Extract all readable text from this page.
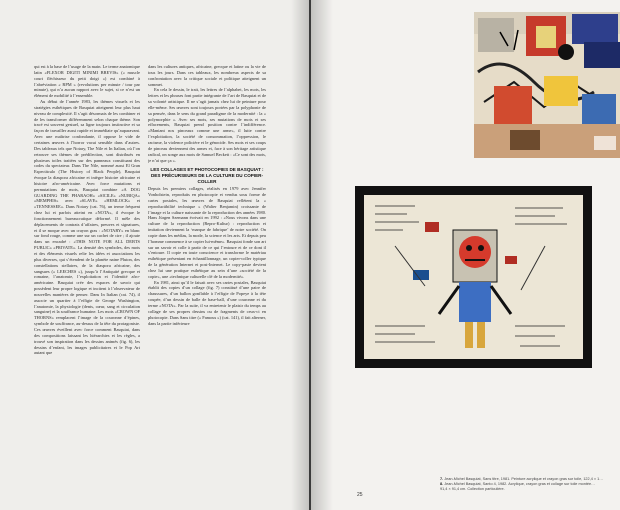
qui est à la base de l’usage de la main. Le terme anatomique latin «FLEXOR DIGITI MINIMI BREVIS» (« muscle court fléchisseur du petit doigt ») est combiné à l’abréviation « RPM » (revolutions per minute / tour par minute), qui n’a aucun rapport avec le sujet, si ce n’est un élément de mobilité à l’ensemble.

Au début de l’année 1983, les thèmes visuels et les stratégies esthétiques de Basquiat atteignent leur plus haut niveau de complexité. Il s’agit désormais de les combiner et de les transformer différemment selon chaque thème. Son tracé est souvent gestuel, sa ligne toujours instinctive et sa façon de travailler aussi rapide et immédiate qu’auparavant. Avec une maîtrise confondante, il oppose le vide de certaines œuvres à l’horror vacui sensible dans d’autres. Des tableaux tels que Notary, The Nile et In Italian, où l’on retrouve ses thèmes de prédilection, sont distribués en plusieurs toiles traitées sur des panneaux constituant des codes du spectateur. Dans The Nile, nommé aussi El Gran Espectáculo (The History of Black People), Basquiat évoque la diaspora africaine et intègre histoire africaine et histoire afro-américaine. Avec force mutations et permutations de mots, Basquiat combine «A DOG GUARDING THE PHARAOH» «SICILE» «NUBIQA» «MEMPHIS» avec «SLAVE» «HEMLOCK» et «TENNESSEE». Dans Notary (cat. 76), un terme fréquent chez lui et parfois atteint en «NOTA», il évoque le fonctionnement bureaucratique déformé. Il mêle des déplacements de contrats d’affaires, preuves et signatures, et il se moque avec un crayon gras : «NOTARY» en blanc sur fond rouge, comme une sur un cachet de cire ; il ajoute dans un encadré : «THIS NOTE FOR ALL DEBTS PUBLIC» «PRIVATE». La densité des symboles, des mots et des éléments visuels relie les idées et associations les plus diverses, qui s’étendent de la planète naine Pluton, des constellations stellaires, de la diaspora africaine, des sangsues (« LEECHES »), jusqu’à l’Antiquité grecque et romaine, l’anatomie, l’exploitation et l’identité afro-américaine. Basquiat crée des espaces de savoir qui possèdent leur propre logique et incitent à l’observateur de nouvelles manières de penser. Dans In Italian (cat. 74), il associe un quartier à l’effigie de George Washington, l’anatomie, la physiologie (dents, cœur, sang et circulation sanguine) et la souffrance humaine. Les mots «CROWN OF THORNS» remplacent l’image de la couronne d’épines, symbole de souffrance, au-dessus de la tête du protagoniste. Ces œuvres éveillent avec force comment Basquiat, dans des compositions laissant les hiérarchies et les règles, a trouvé son inspiration dans les dessins animés (fig. 6), les dessins d’enfant, les images publicitaires et le Pop Art autant que

dans les cultures antiques, africaine, grecque et latine ou la vie de tous les jours. Dans ces tableaux, les nombreux aspects de sa confrontation avec la critique sociale et politique atteignent un sommet.

En cela le dessin, le trait, les lettres de l’alphabet, les mots, les lettres et les phrases font partie intégrante de l’art de Basquiat et de sa volonté artistique. Il ne s’agit jamais chez lui de peinture pour elle-même. Ses œuvres sont toujours portées par la polyphonie de sa pensée, dans le sens du grand paradigme de la modernité : la « polymorphie ». Avec ses mots, ses mutations de mots et ses effacements, Basquiat prend position contre l’indifférence. «Maniant nos pinceaux comme une arme», il lutte contre l’exploitation, la société de consommation, l’oppression, le racisme, la violence policière et le génocide. Ses mots et ses coups de pinceau deviennent des armes et, face à son héritage artistique radical, on songe aux mots de Samuel Beckett : «Ce sont des mots, je n’ai que ça ».

LES COLLAGES ET PHOTOCOPIES DE BASQUIAT : DES PRÉCURSEURS DE LA CULTURE DU COPIER-COLLER

Depuis les premiers collages, réalisés en 1979 avec Jennifer Vonholstein, reproduits en photocopie et vendus sous forme de cartes postales, les œuvres de Basquiat reflètent la « reproductibilité technique » (Walter Benjamin) croissante de l’image et la culture naissante de la reproduction des années 1980. Hans Jürgen Szemann écrivait en 1992 : «Nous vivons dans une culture de la reproduction (Repro-Kultur) : reproduction et imitation deviennent la ‘marque de fabrique’ de notre société. On copie dans les médias, la mode, la science et les arts. Et depuis peu l’homme commence à se copier lui-même». Basquiat fonde son art sur un savoir et colle à partir de ce qui l’entoure et de ce dont il s’entoure. Il copie en toute conscience et transforme le matériau esthétique présentant en échantillonnage, un copier-coller typique de la génération Internet et post-Internet. Le copy-paste devient chez lui une pratique esthétique au sein d’une «société de la copie», une «technique culturelle clé de la modernité».

En 1981, ainsi qu’il le faisait avec ses cartes postales, Basquiat établit des copies d’un collage (fig. 7) constitué d’une paire de chaussures, d’un ballon gonflable à l’effigie de Popeye à la tête coupée, d’un dessin de balle de base-ball, d’une couronne et du terme «NOTA». Par la suite, il va entretenir le plaisir du temps au collage de ses propres dessins ou de fragments de ceux-ci en photocopie. Dans Sans titre (« Famous ») (cat. 141), il fait alterner, dans la partie inférieure

25
7. Jean-Michel Basquiat, Sans titre, 1981. Peinture acrylique et crayon gras sur toile, 122,4 × 1…
8. Jean-Michel Basquiat, Santo 4, 1982. Acrylique, crayon gras et collage sur toile montée…
91,4 × 91,4 cm. Collection particulière.
